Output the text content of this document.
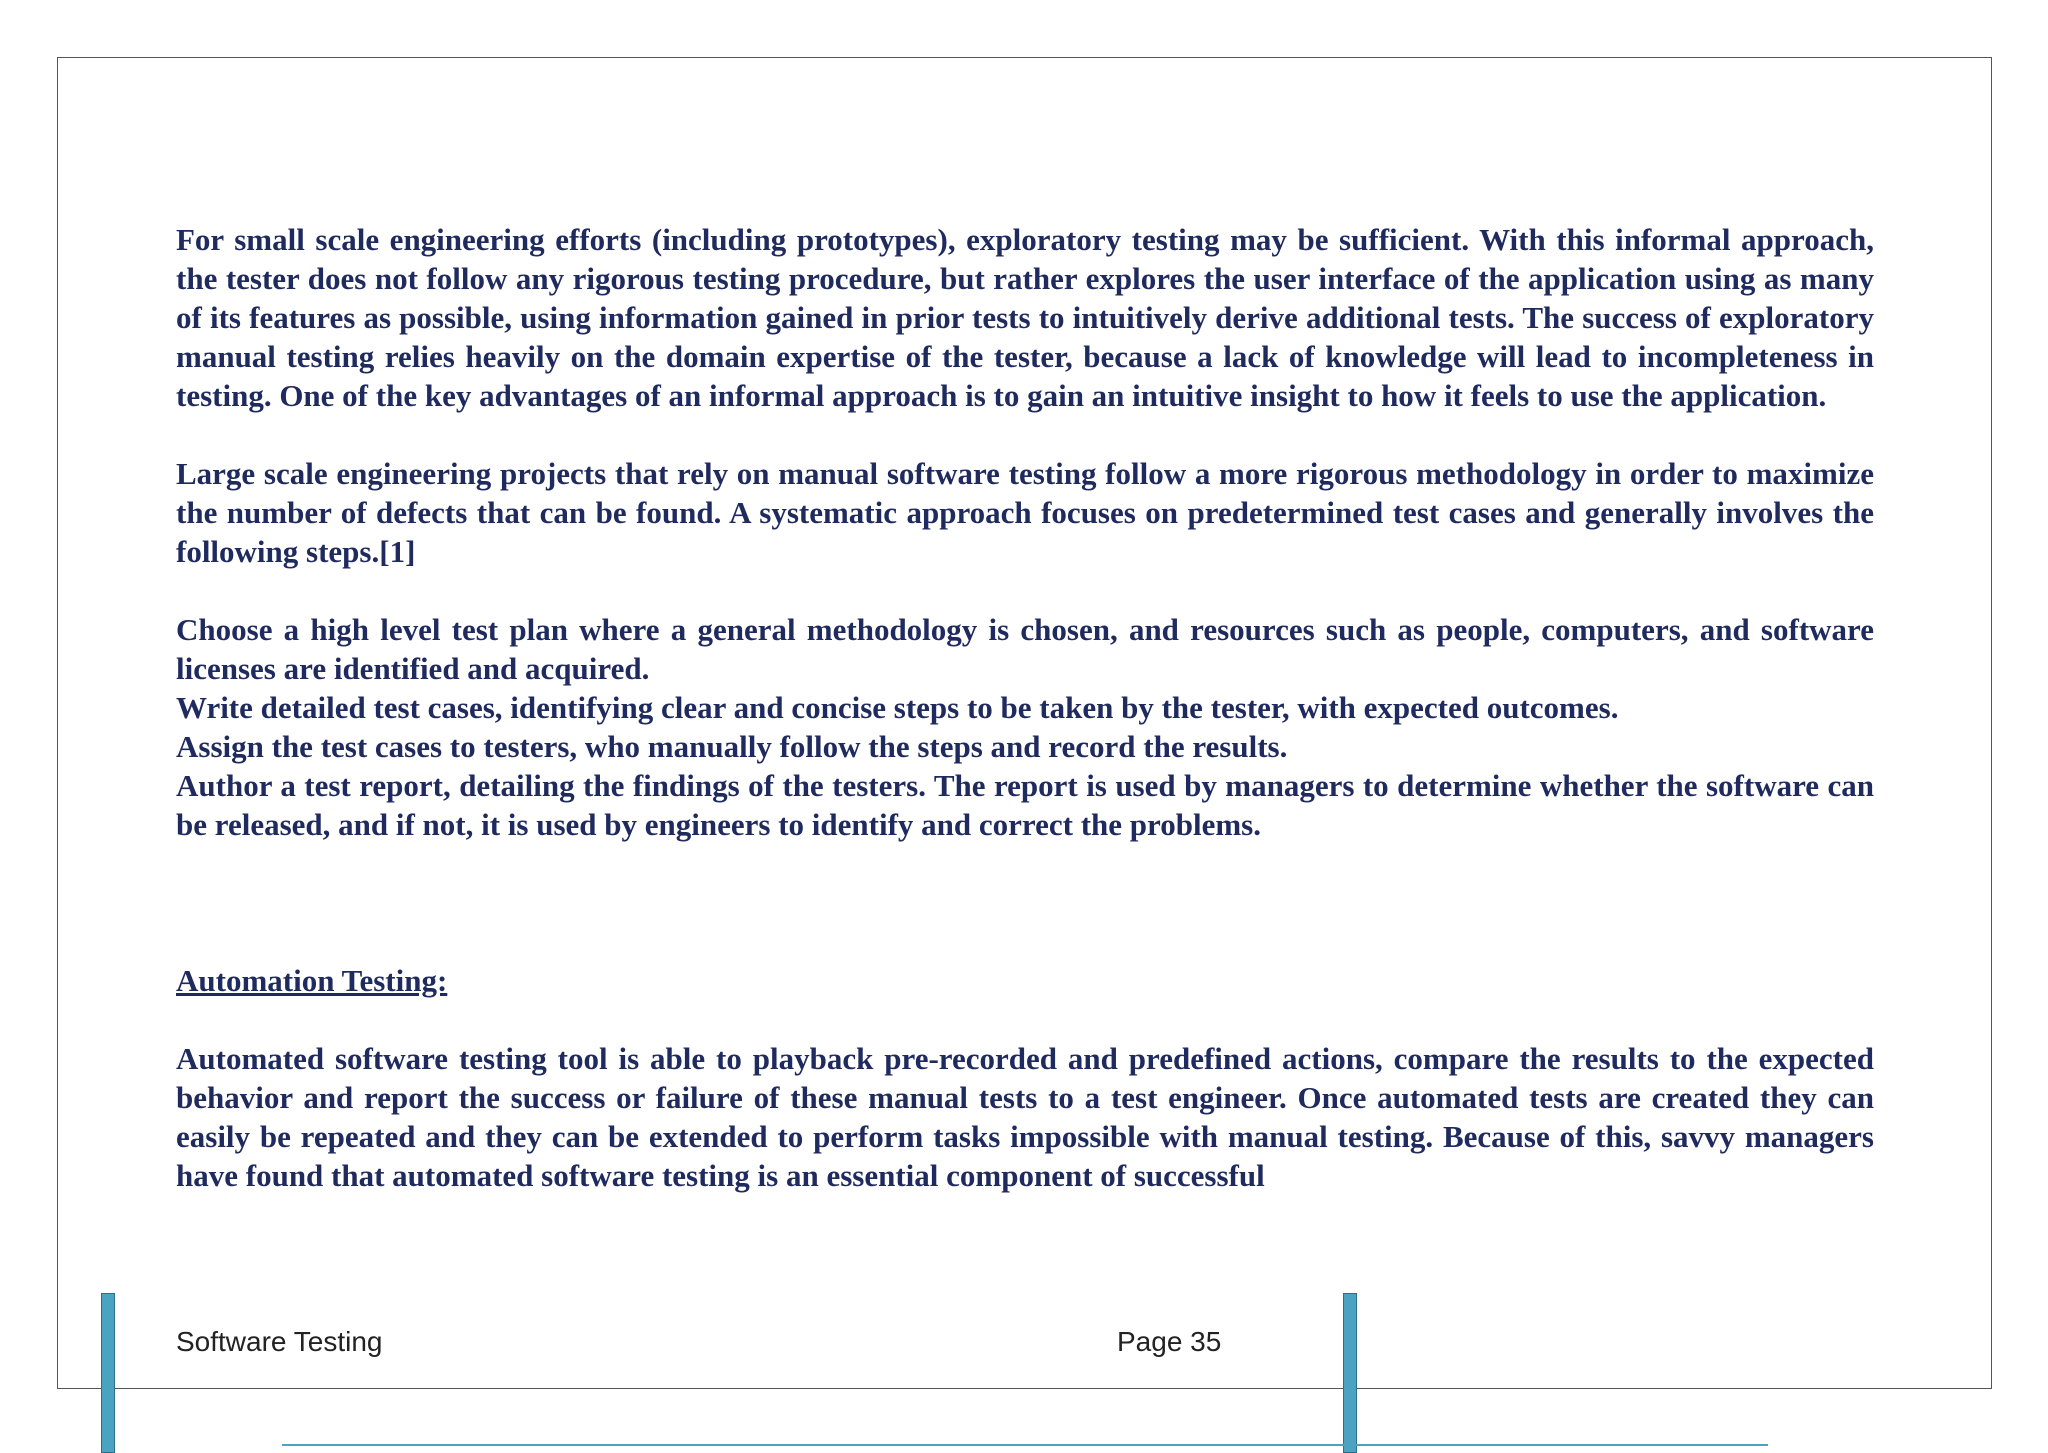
For small scale engineering efforts (including prototypes), exploratory testing may be sufficient. With this informal approach, the tester does not follow any rigorous testing procedure, but rather explores the user interface of the application using as many of its features as possible, using information gained in prior tests to intuitively derive additional tests. The success of exploratory manual testing relies heavily on the domain expertise of the tester, because a lack of knowledge will lead to incompleteness in testing. One of the key advantages of an informal approach is to gain an intuitive insight to how it feels to use the application.

Large scale engineering projects that rely on manual software testing follow a more rigorous methodology in order to maximize the number of defects that can be found. A systematic approach focuses on predetermined test cases and generally involves the following steps.[1]

Choose a high level test plan where a general methodology is chosen, and resources such as people, computers, and software licenses are identified and acquired.

Write detailed test cases, identifying clear and concise steps to be taken by the tester, with expected outcomes.

Assign the test cases to testers, who manually follow the steps and record the results.

Author a test report, detailing the findings of the testers. The report is used by managers to determine whether the software can be released, and if not, it is used by engineers to identify and correct the problems.

Automation Testing:

Automated software testing tool is able to playback pre-recorded and predefined actions, compare the results to the expected behavior and report the success or failure of these manual tests to a test engineer. Once automated tests are created they can easily be repeated and they can be extended to perform tasks impossible with manual testing. Because of this, savvy managers have found that automated software testing is an essential component of successful

Software Testing	Page 35
